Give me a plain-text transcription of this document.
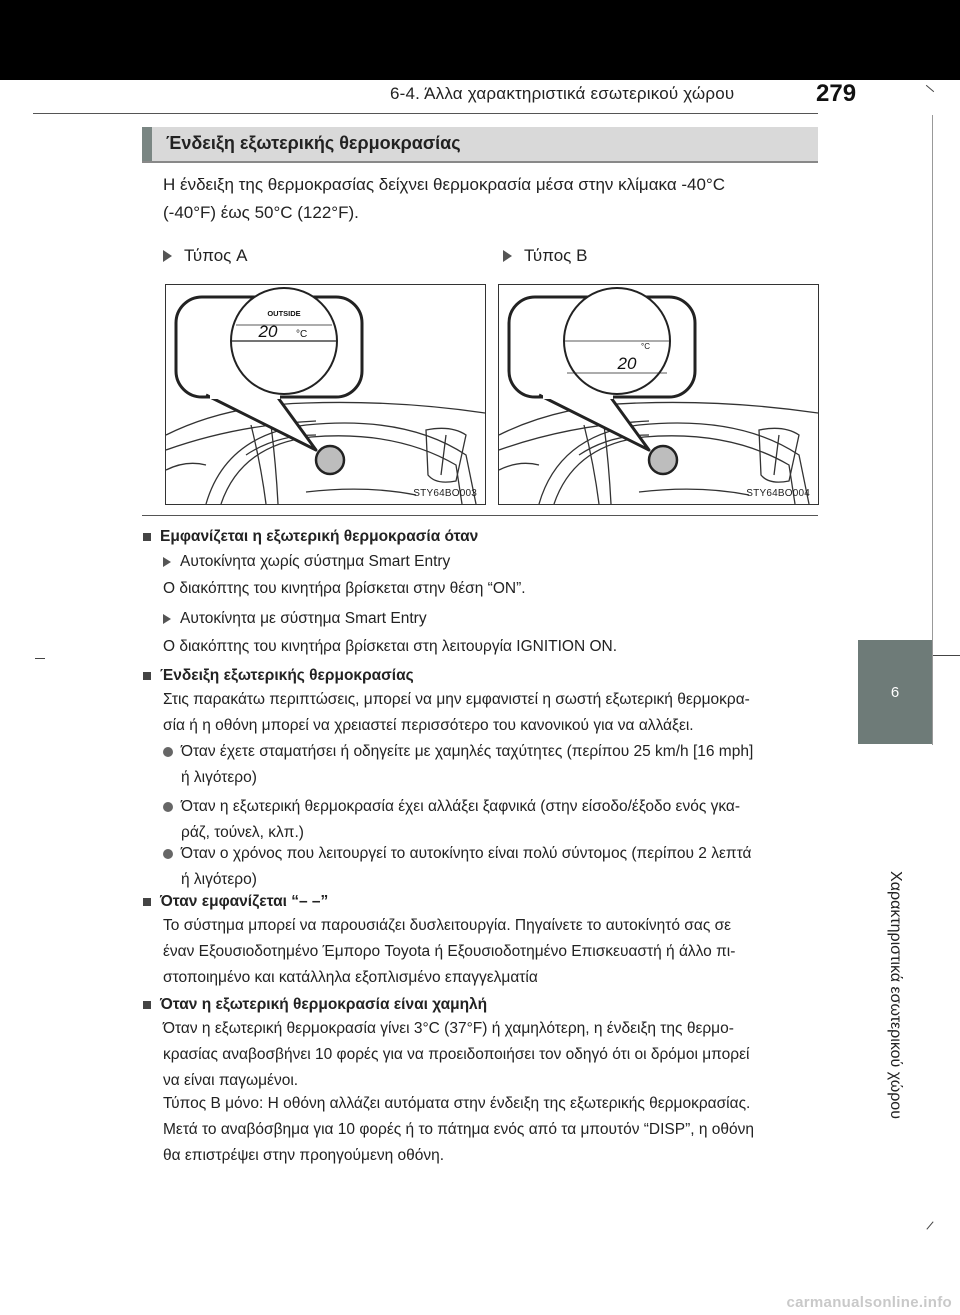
6-4. Άλλα χαρακτηριστικά εσωτερικού χώρου	279
6
Χαρακτηριστικά εσωτερικού χώρου
Ένδειξη εξωτερικής θερμοκρασίας
Η ένδειξη της θερμοκρασίας δείχνει θερμοκρασία μέσα στην κλίμακα -40°C
(-40°F) έως 50°C (122°F).
Τύπος A	Τύπος B
OUTSIDE
20 °C
STY64BO003
°C
20
STY64BO004
Εμφανίζεται η εξωτερική θερμοκρασία όταν
Αυτοκίνητα χωρίς σύστημα Smart Entry
Ο διακόπτης του κινητήρα βρίσκεται στην θέση “ON”.
Αυτοκίνητα με σύστημα Smart Entry
Ο διακόπτης του κινητήρα βρίσκεται στη λειτουργία IGNITION ON.
Ένδειξη εξωτερικής θερμοκρασίας
Στις παρακάτω περιπτώσεις, μπορεί να μην εμφανιστεί η σωστή εξωτερική θερμοκρα-
σία ή η οθόνη μπορεί να χρειαστεί περισσότερο του κανονικού για να αλλάξει.
Όταν έχετε σταματήσει ή οδηγείτε με χαμηλές ταχύτητες (περίπου 25 km/h [16 mph]
ή λιγότερο)
Όταν η εξωτερική θερμοκρασία έχει αλλάξει ξαφνικά (στην είσοδο/έξοδο ενός γκα-
ράζ, τούνελ, κλπ.)
Όταν ο χρόνος που λειτουργεί το αυτοκίνητο είναι πολύ σύντομος (περίπου 2 λεπτά
ή λιγότερο)
Όταν εμφανίζεται “– –”
Το σύστημα μπορεί να παρουσιάζει δυσλειτουργία. Πηγαίνετε το αυτοκίνητό σας σε
έναν Εξουσιοδοτημένο Έμπορο Toyota ή Εξουσιοδοτημένο Επισκευαστή ή άλλο πι-
στοποιημένο και κατάλληλα εξοπλισμένο επαγγελματία
Όταν η εξωτερική θερμοκρασία είναι χαμηλή
Όταν η εξωτερική θερμοκρασία γίνει 3°C (37°F) ή χαμηλότερη, η ένδειξη της θερμο-
κρασίας αναβοσβήνει 10 φορές για να προειδοποιήσει τον οδηγό ότι οι δρόμοι μπορεί
να είναι παγωμένοι.
Τύπος B μόνο: Η οθόνη αλλάζει αυτόματα στην ένδειξη της εξωτερικής θερμοκρασίας.
Μετά το αναβόσβημα για 10 φορές ή το πάτημα ενός από τα μπουτόν “DISP”, η οθόνη
θα επιστρέψει στην προηγούμενη οθόνη.
carmanualsonline.info
